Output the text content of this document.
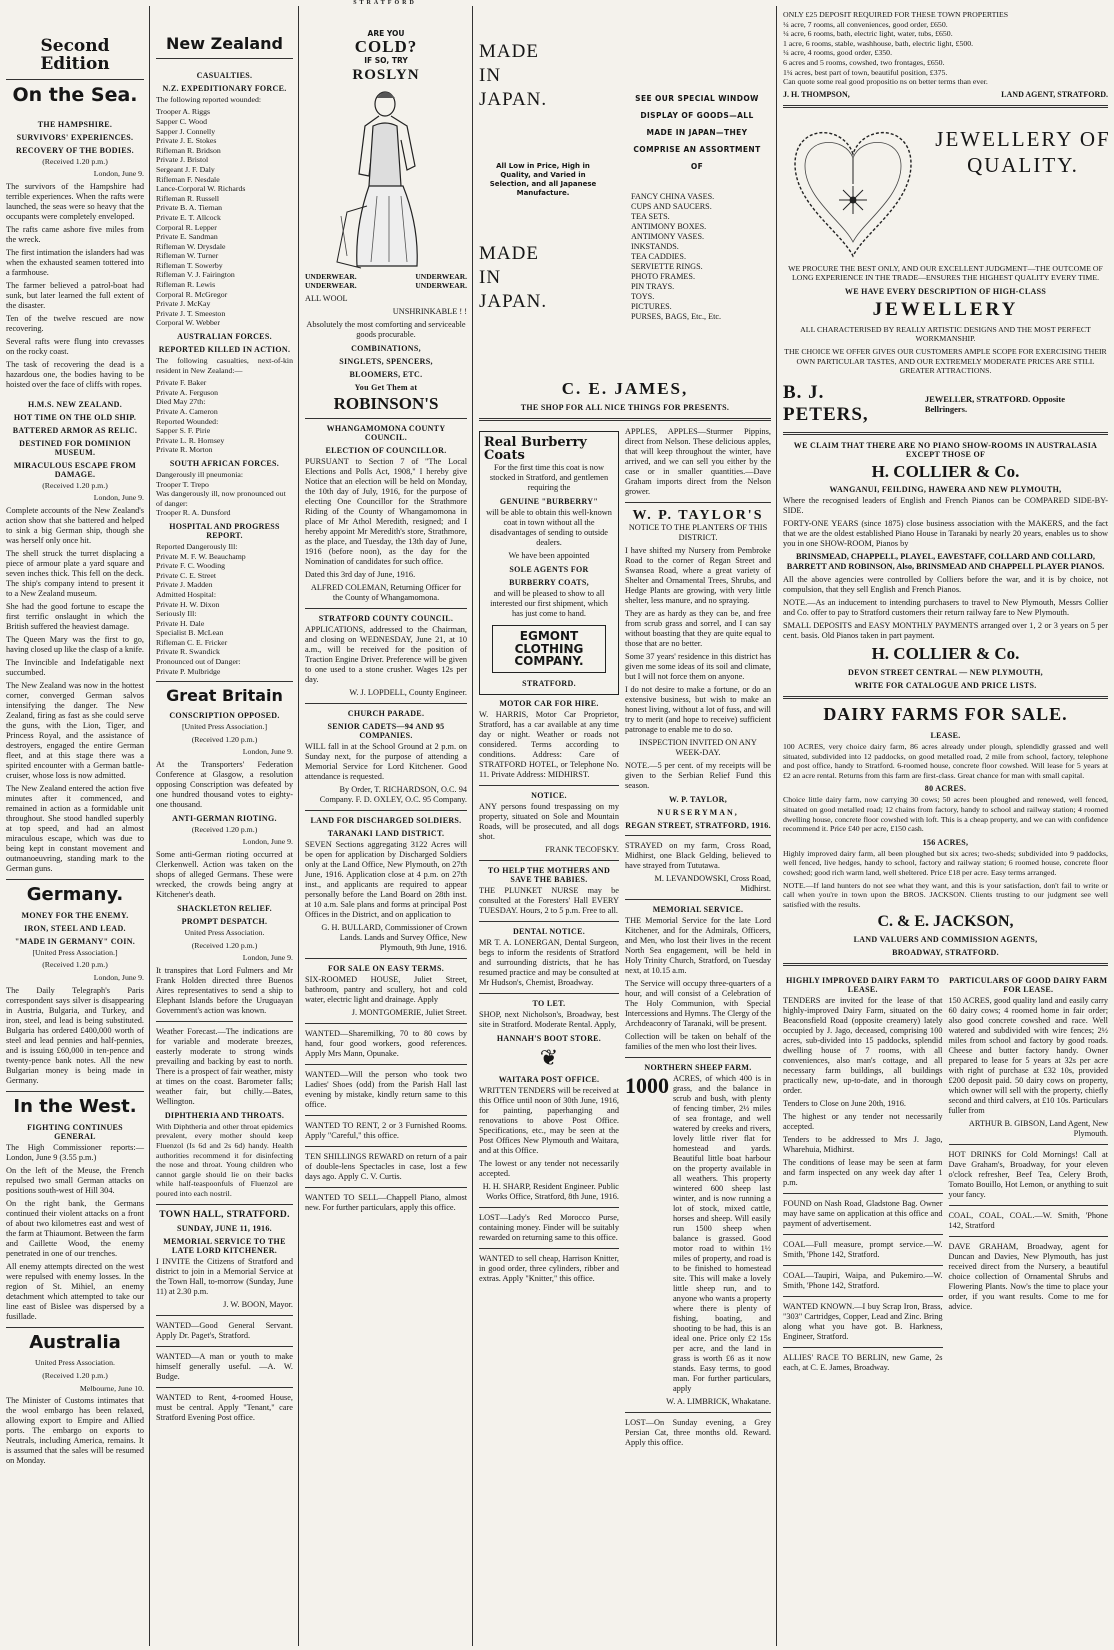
STRATFORD
Second Edition
On the Sea.
THE HAMPSHIRE.
SURVIVORS' EXPERIENCES.
RECOVERY OF THE BODIES.
(Received 1.20 p.m.)
London, June 9.
The survivors of the Hampshire had terrible experiences. When the rafts were launched, the seas were so heavy that the occupants were completely enveloped.
The rafts came ashore five miles from the wreck.
The first intimation the islanders had was when the exhausted seamen tottered into a farmhouse.
The farmer believed a patrol-boat had sunk, but later learned the full extent of the disaster.
Ten of the twelve rescued are now recovering.
Several rafts were flung into crevasses on the rocky coast.
The task of recovering the dead is a hazardous one, the bodies having to be hoisted over the face of cliffs with ropes.
H.M.S. NEW ZEALAND.
HOT TIME ON THE OLD SHIP.
BATTERED ARMOR AS RELIC.
DESTINED FOR DOMINION MUSEUM.
MIRACULOUS ESCAPE FROM DAMAGE.
(Received 1.20 p.m.)
London, June 9.
Complete accounts of the New Zealand's action show that she battered and helped to sink a big German ship, though she was herself only once hit.
The shell struck the turret displacing a piece of armour plate a yard square and seven inches thick. This fell on the deck. The ship's company intend to present it to a New Zealand museum.
She had the good fortune to escape the first terrific onslaught in which the British suffered the heaviest damage.
The Queen Mary was the first to go, having closed up like the clasp of a knife.
The Invincible and Indefatigable next succumbed.
The New Zealand was now in the hottest corner, converged German salvos intensifying the danger. The New Zealand, firing as fast as she could serve the guns, with the Lion, Tiger, and Princess Royal, and the assistance of destroyers, engaged the entire German fleet, and at this stage there was a spirited encounter with a German battle-cruiser, whose loss is now admitted.
The New Zealand entered the action five minutes after it commenced, and remained in action as a formidable unit throughout. She stood handled superbly at top speed, and had an almost miraculous escape, which was due to being kept in constant movement and outmanoeuvring, standing mark to the German guns.
Germany.
MONEY FOR THE ENEMY.
IRON, STEEL AND LEAD.
"MADE IN GERMANY" COIN.
[United Press Association.]
(Received 1.20 p.m.)
London, June 9.
The Daily Telegraph's Paris correspondent says silver is disappearing in Austria, Bulgaria, and Turkey, and iron, steel, and lead is being substituted. Bulgaria has ordered £400,000 worth of steel and lead pennies and half-pennies, and is issuing £60,000 in ten-pence and twenty-pence bank notes. All the new Bulgarian money is being made in Germany.
In the West.
FIGHTING CONTINUES GENERAL
The High Commissioner reports:—London, June 9 (3.55 p.m.)
On the left of the Meuse, the French repulsed two small German attacks on positions south-west of Hill 304.
On the right bank, the Germans continued their violent attacks on a front of about two kilometres east and west of the farm at Thiaumont. Between the farm and Caillette Wood, the enemy penetrated in one of our trenches.
All enemy attempts directed on the west were repulsed with enemy losses. In the region of St. Mihiel, an enemy detachment which attempted to take our line east of Bislee was dispersed by a fusillade.
Australia
United Press Association.
(Received 1.20 p.m.)
Melbourne, June 10.
The Minister of Customs intimates that the wool embargo has been relaxed, allowing export to Empire and Allied ports. The embargo on exports to Neutrals, including America, remains. It is assumed that the sales will be resumed on Monday.
New Zealand
CASUALTIES.
N.Z. EXPEDITIONARY FORCE.
The following reported wounded:
Trooper A. Riggs
Sapper C. Wood
Sapper J. Connelly
Private J. E. Stokes
Rifleman R. Bridson
Private J. Bristol
Sergeant J. F. Daly
Rifleman F. Nesdale
Lance-Corporal W. Richards
Rifleman R. Russell
Private B. A. Tiernan
Private E. T. Allcock
Corporal R. Lepper
Private E. Sandman
Rifleman W. Drysdale
Rifleman W. Turner
Rifleman T. Sowerby
Rifleman V. J. Fairington
Rifleman R. Lewis
Corporal R. McGregor
Private J. McKay
Private J. T. Smeeston
Corporal W. Webber
AUSTRALIAN FORCES.
REPORTED KILLED IN ACTION.
The following casualties, next-of-kin resident in New Zealand:—
Private F. Baker
Private A. Ferguson
Died May 27th:
Private A. Cameron
Reported Wounded:
Sapper S. F. Pirie
Private L. R. Hornsey
Private R. Morton
SOUTH AFRICAN FORCES.
Dangerously ill pneumonia:
Trooper T. Trepo
Was dangerously ill, now pronounced out of danger:
Trooper R. A. Dunsford
HOSPITAL AND PROGRESS REPORT.
Reported Dangerously Ill:
Private M. F. W. Beauchamp
Private F. C. Wooding
Private C. E. Street
Private J. Madden
Admitted Hospital:
Private H. W. Dixon
Seriously Ill:
Private H. Dale
Specialist B. McLean
Rifleman C. E. Fricker
Private R. Swandick
Pronounced out of Danger:
Private P. Mulbridge
Great Britain
CONSCRIPTION OPPOSED.
[United Press Association.]
(Received 1.20 p.m.)
London, June 9.
At the Transporters' Federation Conference at Glasgow, a resolution opposing Conscription was defeated by one hundred thousand votes to eighty-one thousand.
ANTI-GERMAN RIOTING.
(Received 1.20 p.m.)
London, June 9.
Some anti-German rioting occurred at Clerkenwell. Action was taken on the shops of alleged Germans. These were wrecked, the crowds being angry at Kitchener's death.
SHACKLETON RELIEF.
PROMPT DESPATCH.
United Press Association.
(Received 1.20 p.m.)
London, June 9.
It transpires that Lord Fulmers and Mr Frank Holden directed three Buenos Aires representatives to send a ship to Elephant Islands before the Uruguayan Government's action was known.
Weather Forecast.—The indications are for variable and moderate breezes, easterly moderate to strong winds prevailing and backing by east to north. There is a prospect of fair weather, misty at times on the coast. Barometer falls; weather fair, but chilly.—Bates, Wellington.
DIPHTHERIA AND THROATS.
With Diphtheria and other throat epidemics prevalent, every mother should keep Fluenzol (Is 6d and 2s 6d) handy. Health authorities recommend it for disinfecting the nose and throat. Young children who cannot gargle should lie on their backs while half-teaspoonfuls of Fluenzol are poured into each nostril.
TOWN HALL, STRATFORD.
SUNDAY, JUNE 11, 1916.
MEMORIAL SERVICE TO THE LATE LORD KITCHENER.
I INVITE the Citizens of Stratford and district to join in a Memorial Service at the Town Hall, to-morrow (Sunday, June 11) at 2.30 p.m.
J. W. BOON, Mayor.
WANTED—Good General Servant. Apply Dr. Paget's, Stratford.
WANTED—A man or youth to make himself generally useful. —A. W. Budge.
WANTED to Rent, 4-roomed House, must be central. Apply "Tenant," care Stratford Evening Post office.
ARE YOU
COLD?
IF SO, TRY
ROSLYN
UNDERWEAR.	UNDERWEAR.
UNDERWEAR.	UNDERWEAR.
ALL WOOL
UNSHRINKABLE ! !
Absolutely the most comforting and serviceable goods procurable.
COMBINATIONS,
SINGLETS, SPENCERS,
BLOOMERS, ETC.
You Get Them at
ROBINSON'S
WHANGAMOMONA COUNTY COUNCIL.
ELECTION OF COUNCILLOR.
PURSUANT to Section 7 of "The Local Elections and Polls Act, 1908," I hereby give Notice that an election will be held on Monday, the 10th day of July, 1916, for the purpose of electing One Councillor for the Strathmore Riding of the County of Whangamomona in place of Mr Athol Meredith, resigned; and I hereby appoint Mr Meredith's store, Strathmore, as the place, and Tuesday, the 13th day of June, 1916 (before noon), as the day for the Nomination of candidates for such office.
Dated this 3rd day of June, 1916.
ALFRED COLEMAN, Returning Officer for the County of Whangamomona.
STRATFORD COUNTY COUNCIL.
APPLICATIONS, addressed to the Chairman, and closing on WEDNESDAY, June 21, at 10 a.m., will be received for the position of Traction Engine Driver. Preference will be given to one used to a stone crusher. Wages 12s per day.
W. J. LOPDELL, County Engineer.
CHURCH PARADE.
SENIOR CADETS—94 AND 95 COMPANIES.
WILL fall in at the School Ground at 2 p.m. on Sunday next, for the purpose of attending a Memorial Service for Lord Kitchener. Good attendance is requested.
By Order, T. RICHARDSON, O.C. 94 Company. F. D. OXLEY, O.C. 95 Company.
LAND FOR DISCHARGED SOLDIERS.
TARANAKI LAND DISTRICT.
SEVEN Sections aggregating 3122 Acres will be open for application by Discharged Soldiers only at the Land Office, New Plymouth, on 27th June, 1916. Application close at 4 p.m. on 27th inst., and applicants are required to appear personally before the Land Board on 28th inst. at 10 a.m. Sale plans and forms at principal Post Offices in the District, and on application to
G. H. BULLARD, Commissioner of Crown Lands. Lands and Survey Office, New Plymouth, 9th June, 1916.
FOR SALE ON EASY TERMS.
SIX-ROOMED HOUSE, Juliet Street, bathroom, pantry and scullery, hot and cold water, electric light and drainage. Apply
J. MONTGOMERIE, Juliet Street.
WANTED—Sharemilking, 70 to 80 cows by hand, four good workers, good references. Apply Mrs Mann, Opunake.
WANTED—Will the person who took two Ladies' Shoes (odd) from the Parish Hall last evening by mistake, kindly return same to this office.
WANTED TO RENT, 2 or 3 Furnished Rooms. Apply "Careful," this office.
TEN SHILLINGS REWARD on return of a pair of double-lens Spectacles in case, lost a few days ago. Apply C. V. Curtis.
WANTED TO SELL—Chappell Piano, almost new. For further particulars, apply this office.
MADE
IN
JAPAN.
All Low in Price, High in Quality, and Varied in Selection, and all Japanese Manufacture.
MADE
IN
JAPAN.
SEE OUR SPECIAL WINDOW DISPLAY OF GOODS—ALL MADE IN JAPAN—THEY COMPRISE AN ASSORTMENT OF
FANCY CHINA VASES.
CUPS AND SAUCERS.
TEA SETS.
ANTIMONY BOXES.
ANTIMONY VASES.
INKSTANDS.
TEA CADDIES.
SERVIETTE RINGS.
PHOTO FRAMES.
PIN TRAYS.
TOYS.
PICTURES.
PURSES, BAGS, Etc., Etc.
C. E. JAMES,
THE SHOP FOR ALL NICE THINGS FOR PRESENTS.
Real Burberry Coats
For the first time this coat is now stocked in Stratford, and gentlemen requiring the
GENUINE "BURBERRY"
will be able to obtain this well-known coat in town without all the disadvantages of sending to outside dealers.
We have been appointed
SOLE AGENTS FOR
BURBERRY COATS,
and will be pleased to show to all interested our first shipment, which has just come to hand.
EGMONT CLOTHING COMPANY.
STRATFORD.
MOTOR CAR FOR HIRE.
W. HARRIS, Motor Car Proprietor, Stratford, has a car available at any time day or night. Weather or roads not considered. Terms according to conditions. Address: Care of STRATFORD HOTEL, or Telephone No. 11. Private Address: MIDHIRST.
NOTICE.
ANY persons found trespassing on my property, situated on Sole and Mountain Roads, will be prosecuted, and all dogs shot.
FRANK TECOFSKY.
TO HELP THE MOTHERS AND SAVE THE BABIES.
THE PLUNKET NURSE may be consulted at the Foresters' Hall EVERY TUESDAY. Hours, 2 to 5 p.m. Free to all.
DENTAL NOTICE.
MR T. A. LONERGAN, Dental Surgeon, begs to inform the residents of Stratford and surrounding districts, that he has resumed practice and may be consulted at Mr Hudson's, Chemist, Broadway.
TO LET.
SHOP, next Nicholson's, Broadway, best site in Stratford. Moderate Rental. Apply,
HANNAH'S BOOT STORE.
❦
WAITARA POST OFFICE.
WRITTEN TENDERS will be received at this Office until noon of 30th June, 1916, for painting, paperhanging and renovations to above Post Office. Specifications, etc., may be seen at the Post Offices New Plymouth and Waitara, and at this Office.
The lowest or any tender not necessarily accepted.
H. H. SHARP, Resident Engineer. Public Works Office, Stratford, 8th June, 1916.
LOST—Lady's Red Morocco Purse, containing money. Finder will be suitably rewarded on returning same to this office.
WANTED to sell cheap, Harrison Knitter, in good order, three cylinders, ribber and extras. Apply "Knitter," this office.
APPLES, APPLES—Sturmer Pippins, direct from Nelson. These delicious apples, that will keep throughout the winter, have arrived, and we can sell you either by the case or in smaller quantities.—Dave Graham imports direct from the Nelson grower.
W. P. TAYLOR'S
NOTICE TO THE PLANTERS OF THIS DISTRICT.
I have shifted my Nursery from Pembroke Road to the corner of Regan Street and Swansea Road, where a great variety of Shelter and Ornamental Trees, Shrubs, and Hedge Plants are growing, with very little shelter, less manure, and no spraying.
They are as hardy as they can be, and free from scrub grass and sorrel, and I can say without boasting that they are quite equal to those that are no better.
Some 37 years' residence in this district has given me some ideas of its soil and climate, but I will not force them on anyone.
I do not desire to make a fortune, or do an extensive business, but wish to make an honest living, without a lot of fuss, and will try to merit (and hope to receive) sufficient patronage to enable me to do so.
INSPECTION INVITED ON ANY WEEK-DAY.
NOTE.—5 per cent. of my receipts will be given to the Serbian Relief Fund this season.
W. P. TAYLOR,
NURSERYMAN,
REGAN STREET, STRATFORD, 1916.
STRAYED on my farm, Cross Road, Midhirst, one Black Gelding, believed to have strayed from Tututawa.
M. LEVANDOWSKI, Cross Road, Midhirst.
MEMORIAL SERVICE.
THE Memorial Service for the late Lord Kitchener, and for the Admirals, Officers, and Men, who lost their lives in the recent North Sea engagement, will be held in Holy Trinity Church, Stratford, on Tuesday next, at 10.15 a.m.
The Service will occupy three-quarters of a hour, and will consist of a Celebration of The Holy Communion, with Special Intercessions and Hymns. The Clergy of the Archdeaconry of Taranaki, will be present.
Collection will be taken on behalf of the families of the men who lost their lives.
NORTHERN SHEEP FARM.
1000 ACRES, of which 400 is in grass, and the balance in scrub and bush, with plenty of fencing timber, 2½ miles of sea frontage, and well watered by creeks and rivers, lovely little river flat for homestead and yards. Beautiful little boat harbour on the property available in all weathers. This property wintered 600 sheep last winter, and is now running a lot of stock, mixed cattle, horses and sheep. Will easily run 1500 sheep when balance is grassed. Good motor road to within 1½ miles of property, and road is to be finished to homestead site. This will make a lovely little sheep run, and to anyone who wants a property where there is plenty of fishing, boating, and shooting to be had, this is an ideal one. Price only £2 15s per acre, and the land in grass is worth £6 as it now stands. Easy terms, to good man. For further particulars, apply
W. A. LIMBRICK, Whakatane.
LOST—On Sunday evening, a Grey Persian Cat, three months old. Reward. Apply this office.
ONLY £25 DEPOSIT REQUIRED FOR THESE TOWN PROPERTIES
¼ acre, 7 rooms, all conveniences, good order, £650.
¼ acre, 6 rooms, bath, electric light, water, tubs, £650.
1 acre, 6 rooms, stable, washhouse, bath, electric light, £500.
¼ acre, 4 rooms, good order, £350.
6 acres and 5 rooms, cowshed, two frontages, £650.
1¼ acres, best part of town, beautiful position, £375.
Can quote some real good propositio ns on better terms than ever.
J. H. THOMPSON,	LAND AGENT, STRATFORD.
JEWELLERY OF QUALITY.
WE PROCURE THE BEST ONLY, AND OUR EXCELLENT JUDGMENT—THE OUTCOME OF LONG EXPERIENCE IN THE TRADE—ENSURES THE HIGHEST QUALITY EVERY TIME.
WE HAVE EVERY DESCRIPTION OF HIGH-CLASS
JEWELLERY
ALL CHARACTERISED BY REALLY ARTISTIC DESIGNS AND THE MOST PERFECT WORKMANSHIP.
THE CHOICE WE OFFER GIVES OUR CUSTOMERS AMPLE SCOPE FOR EXERCISING THEIR OWN PARTICULAR TASTES, AND OUR EXTREMELY MODERATE PRICES ARE STILL GREATER ATTRACTIONS.
B. J. PETERS,
JEWELLER, STRATFORD. Opposite Bellringers.
WE CLAIM THAT THERE ARE NO PIANO SHOW-ROOMS IN AUSTRALASIA EXCEPT THOSE OF
H. COLLIER & Co.
WANGANUI, FEILDING, HAWERA AND NEW PLYMOUTH,
Where the recognised leaders of English and French Pianos can be COMPARED SIDE-BY-SIDE.
FORTY-ONE YEARS (since 1875) close business association with the MAKERS, and the fact that we are the oldest established Piano House in Taranaki by nearly 20 years, enables us to show you in one SHOW-ROOM, Pianos by
BRINSMEAD, CHAPPELL, PLAYEL, EAVESTAFF, COLLARD AND COLLARD, BARRETT AND ROBINSON, Also, BRINSMEAD AND CHAPPELL PLAYER PIANOS.
All the above agencies were controlled by Colliers before the war, and it is by choice, not compulsion, that they sell English and French Pianos.
NOTE.—As an inducement to intending purchasers to travel to New Plymouth, Messrs Collier and Co. offer to pay to Stratford customers their return railway fare to New Plymouth.
SMALL DEPOSITS and EASY MONTHLY PAYMENTS arranged over 1, 2 or 3 years on 5 per cent. basis. Old Pianos taken in part payment.
H. COLLIER & Co.
DEVON STREET CENTRAL — NEW PLYMOUTH,
WRITE FOR CATALOGUE AND PRICE LISTS.
DAIRY FARMS FOR SALE.
LEASE.
100 ACRES, very choice dairy farm, 86 acres already under plough, splendidly grassed and well situated, subdivided into 12 paddocks, on good metalled road, 2 mile from school, factory, telephone and post office, handy to Stratford. 6-roomed house, concrete floor cowshed. Will lease for 5 years at £2 an acre rental. Returns from this farm are first-class. Great chance for man with small capital.
80 ACRES.
Choice little dairy farm, now carrying 30 cows; 50 acres been ploughed and renewed, well fenced, situated on good metalled road; 12 chains from factory, handy to school and railway station; 4 roomed dwelling house, concrete floor cowshed with loft. This is a cheap property, and we can with confidence recommend it. Price £40 per acre, £150 cash.
156 ACRES,
Highly improved dairy farm, all been ploughed but six acres; two-sheds; subdivided into 9 paddocks, well fenced, live hedges, handy to school, factory and railway station; 6 roomed house, concrete floor cowshed; good rich warm land, well sheltered. Price £18 per acre. Easy terms arranged.
NOTE.—If land hunters do not see what they want, and this is your satisfaction, don't fail to write or call when you're in town upon the BROS. JACKSON. Clients trusting to our judgment see well satisfied with the results.
C. & E. JACKSON,
LAND VALUERS AND COMMISSION AGENTS,
BROADWAY, STRATFORD.
HIGHLY IMPROVED DAIRY FARM TO LEASE.
TENDERS are invited for the lease of that highly-improved Dairy Farm, situated on the Beaconsfield Road (opposite creamery) lately occupied by J. Jago, deceased, comprising 100 acres, sub-divided into 15 paddocks, splendid dwelling house of 7 rooms, with all conveniences, also man's cottage, and all necessary farm buildings, all buildings practically new, up-to-date, and in thorough order.
Tenders to Close on June 20th, 1916.
The highest or any tender not necessarily accepted.
Tenders to be addressed to Mrs J. Jago, Wharehuia, Midhirst.
The conditions of lease may be seen at farm and farm inspected on any week day after 1 p.m.
FOUND on Nash Road, Gladstone Bag. Owner may have same on application at this office and payment of advertisement.
COAL—Full measure, prompt service.—W. Smith, 'Phone 142, Stratford.
COAL—Taupiri, Waipa, and Pukemiro.—W. Smith, 'Phone 142, Stratford.
WANTED KNOWN.—I buy Scrap Iron, Brass, "303" Cartridges, Copper, Lead and Zinc. Bring along what you have got. B. Harkness, Engineer, Stratford.
ALLIES' RACE TO BERLIN, new Game, 2s each, at C. E. James, Broadway.
PARTICULARS OF GOOD DAIRY FARM FOR LEASE.
150 ACRES, good quality land and easily carry 60 dairy cows; 4 roomed home in fair order; also good concrete cowshed and race. Well watered and subdivided with wire fences; 2½ miles from school and factory by good roads. Cheese and butter factory handy. Owner prepared to lease for 5 years at 32s per acre with right of purchase at £32 10s, provided £200 deposit paid. 50 dairy cows on property, which owner will sell with the property, chiefly second and third calvers, at £10 10s. Particulars fuller from
ARTHUR B. GIBSON, Land Agent, New Plymouth.
HOT DRINKS for Cold Mornings! Call at Dave Graham's, Broadway, for your eleven o'clock refresher, Beef Tea, Celery Broth, Tomato Bouillo, Hot Lemon, or anything to suit your fancy.
COAL, COAL, COAL.—W. Smith, 'Phone 142, Stratford
DAVE GRAHAM, Broadway, agent for Duncan and Davies, New Plymouth, has just received direct from the Nursery, a beautiful choice collection of Ornamental Shrubs and Flowering Plants. Now's the time to place your order, if you want results. Come to me for advice.
